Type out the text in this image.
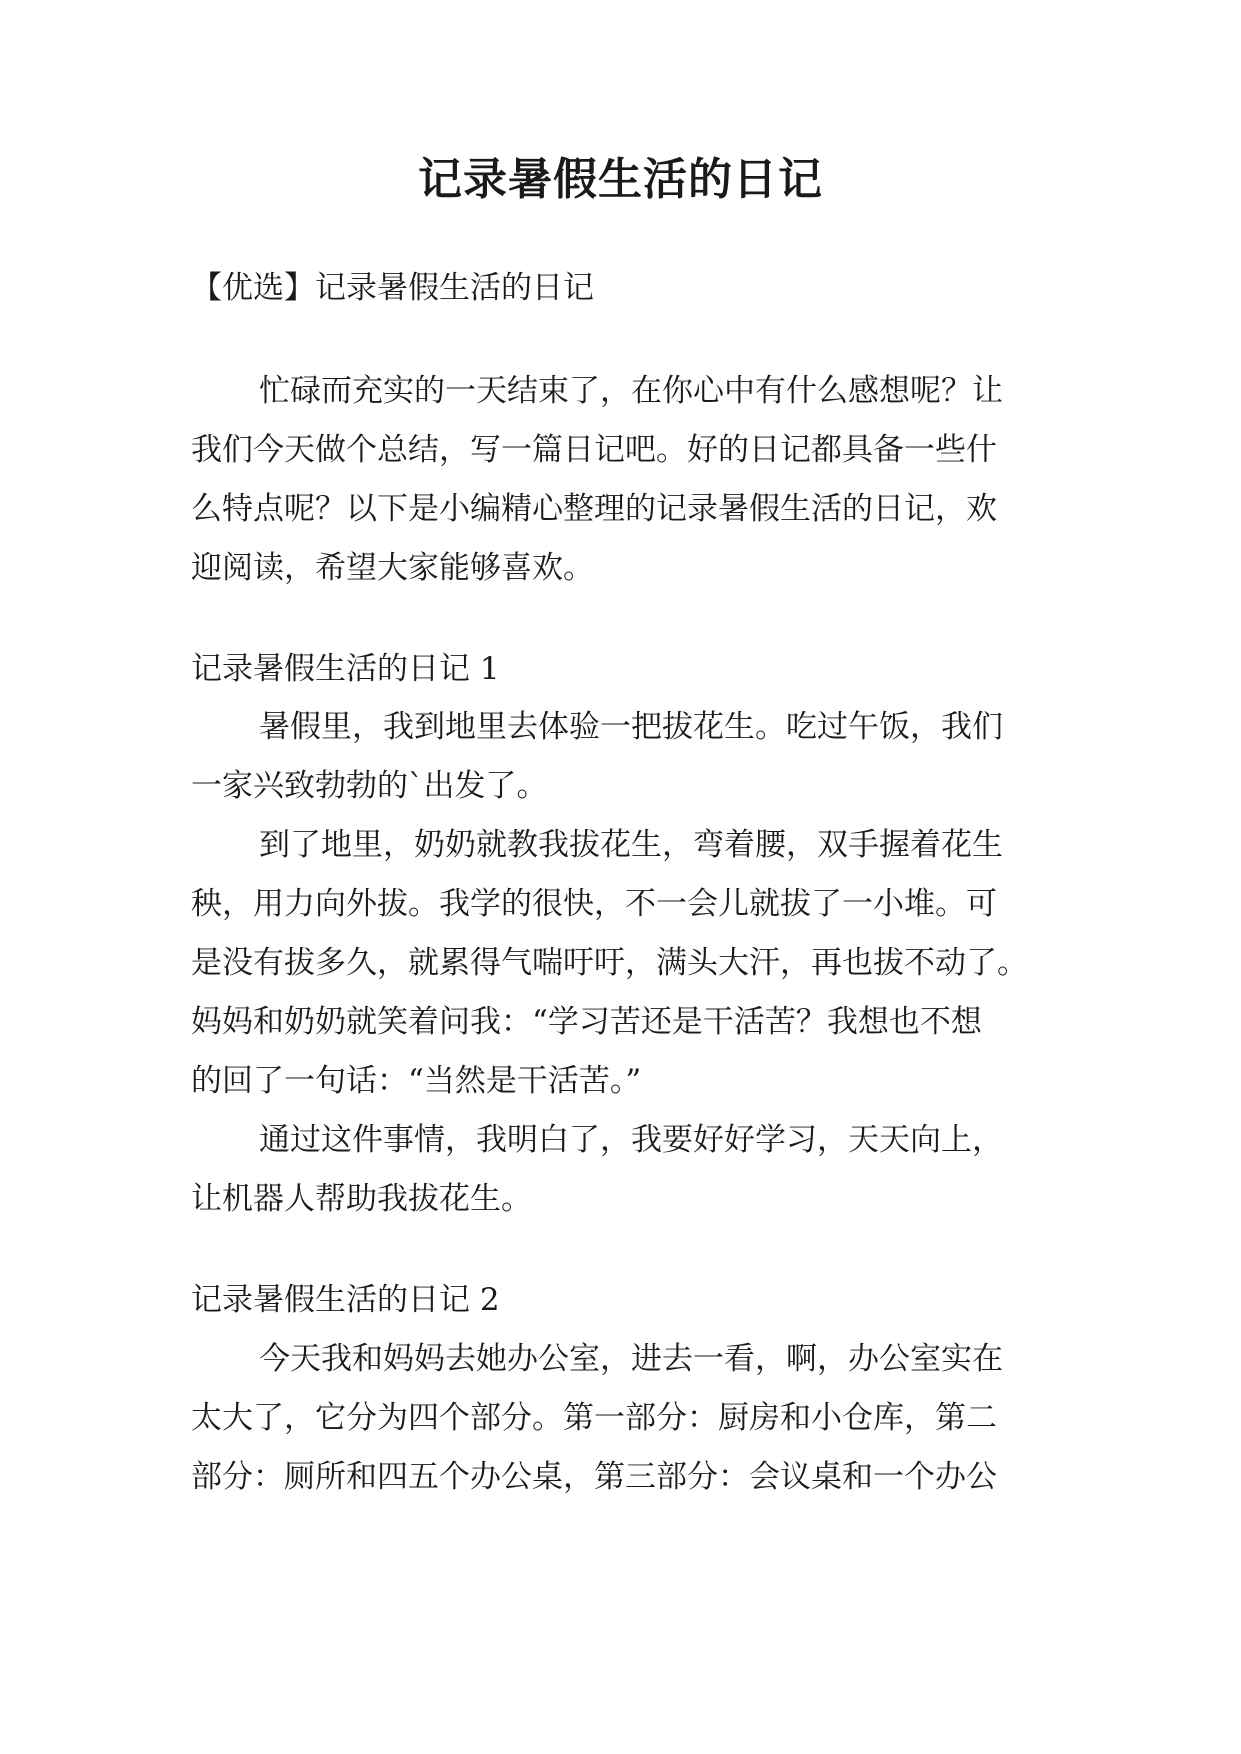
记录暑假生活的日记

【优选】记录暑假生活的日记

忙碌而充实的一天结束了，在你心中有什么感想呢？让

我们今天做个总结，写一篇日记吧。好的日记都具备一些什

么特点呢？以下是小编精心整理的记录暑假生活的日记，欢

迎阅读，希望大家能够喜欢。

记录暑假生活的日记 1

暑假里，我到地里去体验一把拔花生。吃过午饭，我们

一家兴致勃勃的`出发了。

到了地里，奶奶就教我拔花生，弯着腰，双手握着花生

秧，用力向外拔。我学的很快，不一会儿就拔了一小堆。可

是没有拔多久，就累得气喘吁吁，满头大汗，再也拔不动了。

妈妈和奶奶就笑着问我：“学习苦还是干活苦？我想也不想

的回了一句话：“当然是干活苦。”

通过这件事情，我明白了，我要好好学习，天天向上，

让机器人帮助我拔花生。

记录暑假生活的日记 2

今天我和妈妈去她办公室，进去一看，啊，办公室实在

太大了，它分为四个部分。第一部分：厨房和小仓库，第二

部分：厕所和四五个办公桌，第三部分：会议桌和一个办公
